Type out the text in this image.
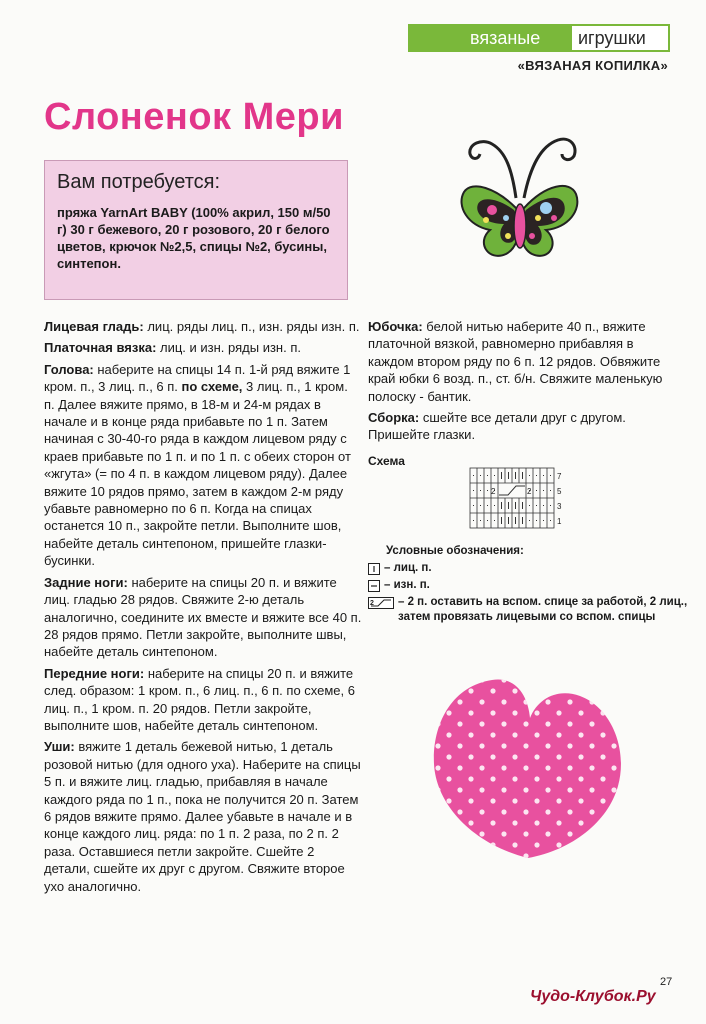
вязаные	игрушки
«ВЯЗАНАЯ КОПИЛКА»
Слоненок Мери
Вам потребуется:

пряжа YarnArt BABY (100% акрил, 150 м/50 г) 30 г бежевого, 20 г розового, 20 г белого цветов, крючок №2,5, спицы №2, бусины, синтепон.

Лицевая гладь: лиц. ряды лиц. п., изн. ряды изн. п.

Платочная вязка: лиц. и изн. ряды изн. п.

Голова: наберите на спицы 14 п. 1-й ряд вяжите 1 кром. п., 3 лиц. п., 6 п. по схеме, 3 лиц. п., 1 кром. п. Далее вяжите прямо, в 18-м и 24-м рядах в начале и в конце ряда прибавьте по 1 п. Затем начиная с 30-40-го ряда в каждом лицевом ряду с краев прибавьте по 1 п. и по 1 п. с обеих сторон от «жгута» (= по 4 п. в каждом лицевом ряду). Далее вяжите 10 рядов прямо, затем в каждом 2-м ряду убавьте равномерно по 6 п. Когда на спицах останется 10 п., закройте петли. Выполните шов, набейте деталь синтепоном, пришейте глазки-бусинки.

Задние ноги: наберите на спицы 20 п. и вяжите лиц. гладью 28 рядов. Свяжите 2-ю деталь аналогично, соедините их вместе и вяжите все 40 п. 28 рядов прямо. Петли закройте, выполните швы, набейте деталь синтепоном.

Передние ноги: наберите на спицы 20 п. и вяжите след. образом: 1 кром. п., 6 лиц. п., 6 п. по схеме, 6 лиц. п., 1 кром. п. 20 рядов. Петли закройте, выполните шов, набейте деталь синтепоном.

Уши: вяжите 1 деталь бежевой нитью, 1 деталь розовой нитью (для одного уха). Наберите на спицы 5 п. и вяжите лиц. гладью, прибавляя в начале каждого ряда по 1 п., пока не получится 20 п. Затем 6 рядов вяжите прямо. Далее убавьте в начале и в конце каждого лиц. ряда: по 1 п. 2 раза, по 2 п. 2 раза. Оставшиеся петли закройте. Сшейте 2 детали, сшейте их друг с другом. Свяжите второе ухо аналогично.

Юбочка: белой нитью наберите 40 п., вяжите платочной вязкой, равномерно прибавляя в каждом втором ряду по 6 п. 12 рядов. Обвяжите край юбки 6 возд. п., ст. б/н. Свяжите маленькую полоску - бантик.

Сборка: сшейте все детали друг с другом. Пришейте глазки.

Схема
2	2
7
5
3
1
Условные обозначения:
– лиц. п.
– изн. п.
2 – 2 п. оставить на вспом. спице за работой, 2 лиц., затем провязать лицевыми со вспом. спицы
27
Чудо-Клубок.Ру
